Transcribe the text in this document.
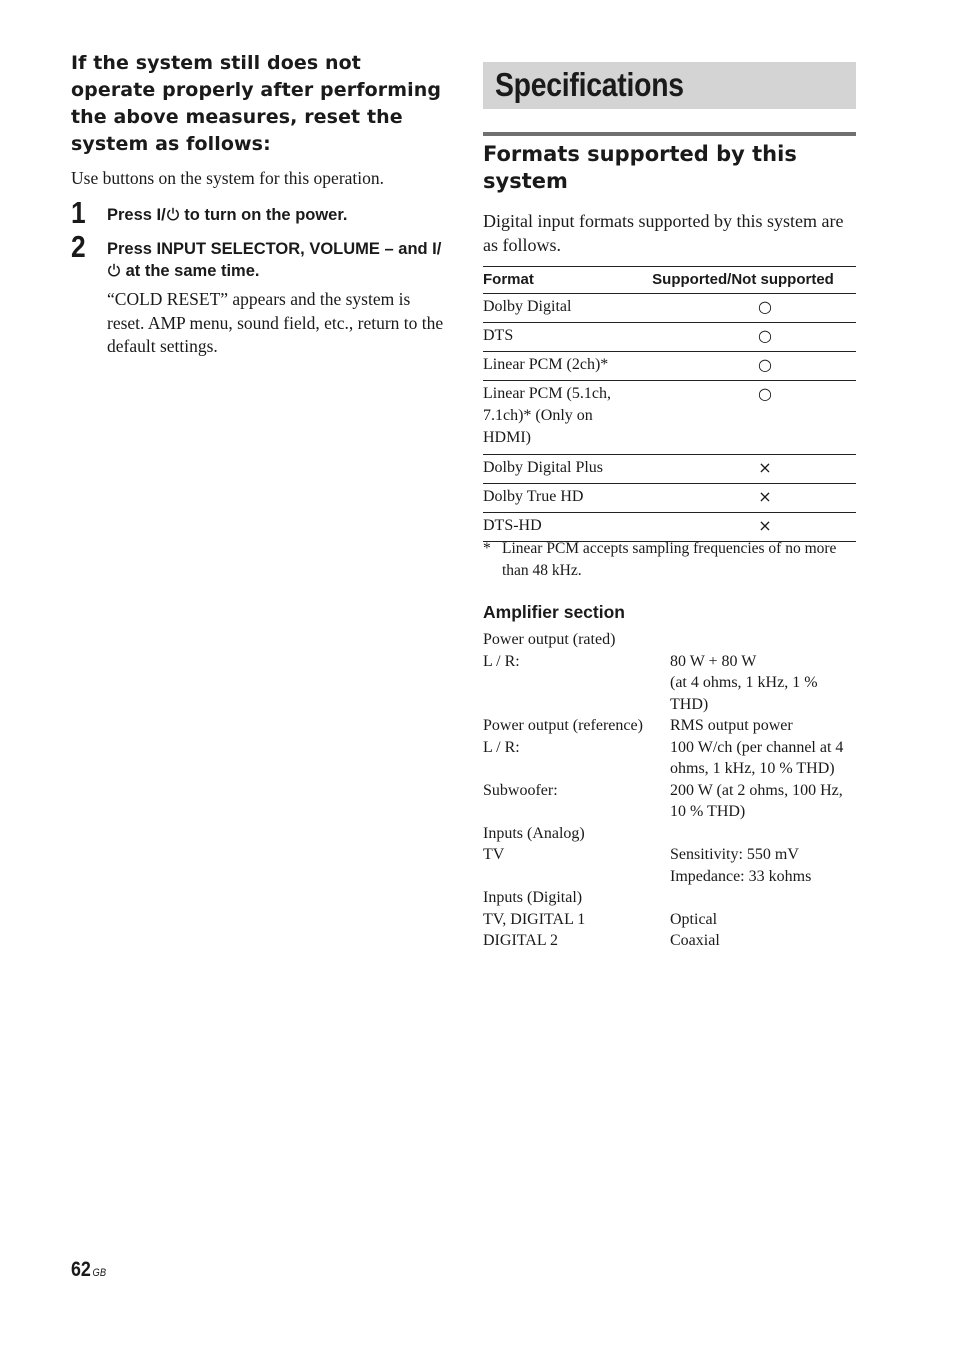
If the system still does not operate properly after performing the above measures, reset the system as follows:

Use buttons on the system for this operation.

1 Press I/ to turn on the power.
2 Press INPUT SELECTOR, VOLUME – and I/ at the same time.
“COLD RESET” appears and the system is reset. AMP menu, sound field, etc., return to the default settings.
Specifications
Formats supported by this system
Digital input formats supported by this system are as follows.
Format	Supported/Not supported
Dolby Digital	○
DTS	○
Linear PCM (2ch)*	○
Linear PCM (5.1ch, 7.1ch)* (Only on HDMI)	○
Dolby Digital Plus	×
Dolby True HD	×
DTS-HD	×
* Linear PCM accepts sampling frequencies of no more than 48 kHz.
Amplifier section
Power output (rated)
L / R:	80 W + 80 W
(at 4 ohms, 1 kHz, 1 % THD)
Power output (reference)	RMS output power
L / R:	100 W/ch (per channel at 4 ohms, 1 kHz, 10 % THD)
Subwoofer:	200 W (at 2 ohms, 100 Hz, 10 % THD)
Inputs (Analog)
TV	Sensitivity: 550 mV
Impedance: 33 kohms
Inputs (Digital)
TV, DIGITAL 1	Optical
DIGITAL 2	Coaxial
62 $^{GB}$
